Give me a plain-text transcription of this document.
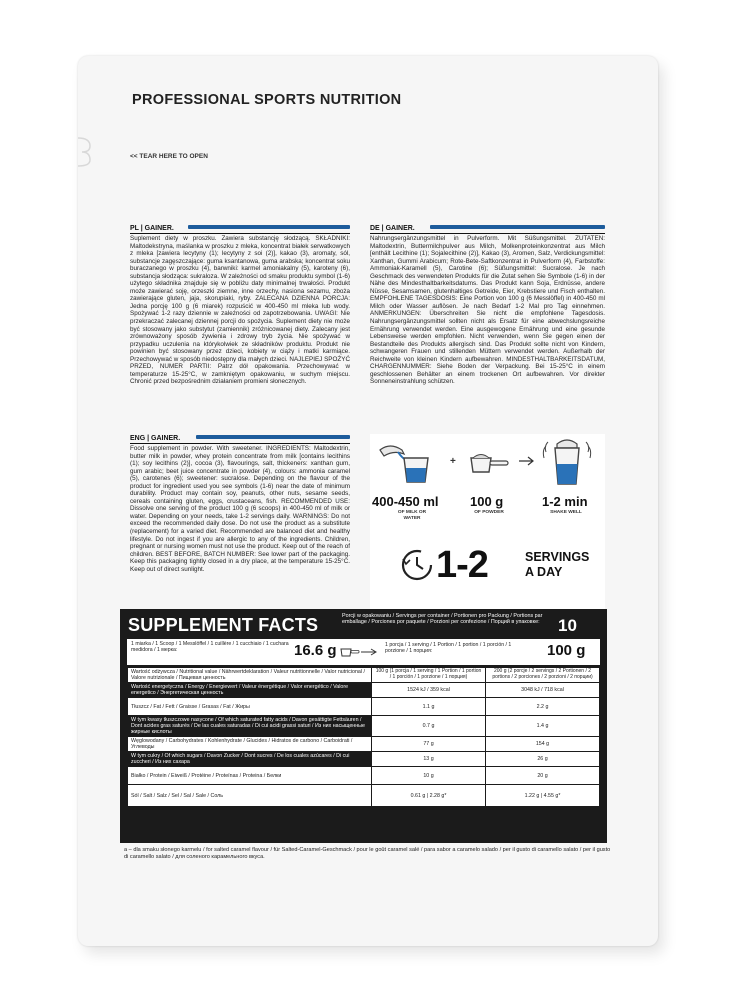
PROFESSIONAL SPORTS NUTRITION
<< TEAR HERE TO OPEN
PL | GAINER.
Suplement diety w proszku. Zawiera substancję słodzącą. SKŁADNIKI: Maltodekstryna, maślanka w proszku z mleka, koncentrat białek serwatkowych z mleka [zawiera lecytyny (1); lecytyny z soi (2)], kakao (3), aromaty, sól, substancje zagęszczające: guma ksantanowa, guma arabska; koncentrat soku buraczanego w proszku (4), barwniki: karmel amoniakalny (5), karoteny (6), substancja słodząca: sukraloza. W zależności od smaku produktu symbol (1-6) użytego składnika znajduje się w pobliżu daty minimalnej trwałości. Produkt może zawierać soję, orzeszki ziemne, inne orzechy, nasiona sezamu, zboża zawierające gluten, jaja, skorupiaki, ryby. ZALECANA DZIENNA PORCJA: Jedna porcję 100 g (6 miarek) rozpuścić w 400-450 ml mleka lub wody. Spożywać 1-2 razy dziennie w zależności od zapotrzebowania. UWAGI: Nie przekraczać zalecanej dziennej porcji do spożycia. Suplement diety nie może być stosowany jako substytut (zamiennik) zróżnicowanej diety. Zalecany jest zrównoważony sposób żywienia i zdrowy tryb życia. Nie spożywać w przypadku uczulenia na którykolwiek ze składników produktu. Produkt nie powinien być stosowany przez dzieci, kobiety w ciąży i matki karmiące. Przechowywać w sposób niedostępny dla małych dzieci. NAJLEPIEJ SPOŻYĆ PRZED, NUMER PARTII: Patrz dół opakowania. Przechowywać w temperaturze 15-25°C, w zamkniętym opakowaniu, w suchym miejscu. Chronić przed bezpośrednim działaniem promieni słonecznych.
DE | GAINER.
Nahrungsergänzungsmittel in Pulverform. Mit Süßungsmittel. ZUTATEN: Maltodextrin, Buttermilchpulver aus Milch, Molkenproteinkonzentrat aus Milch [enthält Lecithine (1); Sojalecithine (2)], Kakao (3), Aromen, Salz, Verdickungsmittel: Xanthan, Gummi Arabicum; Rote-Bete-Saftkonzentrat in Pulverform (4), Farbstoffe: Ammoniak-Karamell (5), Carotine (6); Süßungsmittel: Sucralose. Je nach Geschmack des verwendeten Produkts für die Zutat sehen Sie Symbole (1-6) in der Nähe des Mindesthaltbarkeitsdatums. Das Produkt kann Soja, Erdnüsse, andere Nüsse, Sesamsamen, glutenhaltiges Getreide, Eier, Krebstiere und Fisch enthalten. EMPFOHLENE TAGESDOSIS: Eine Portion von 100 g (6 Messlöffel) in 400-450 ml Milch oder Wasser auflösen. Je nach Bedarf 1-2 Mal pro Tag einnehmen. ANMERKUNGEN: Überschreiten Sie nicht die empfohlene Tagesdosis. Nahrungsergänzungsmittel sollten nicht als Ersatz für eine abwechslungsreiche Ernährung verwendet werden. Eine ausgewogene Ernährung und eine gesunde Lebensweise werden empfohlen. Nicht verwenden, wenn Sie gegen einen der Bestandteile des Produkts allergisch sind. Das Produkt sollte nicht von Kindern, schwangeren Frauen und stillenden Müttern verwendet werden. Außerhalb der Reichweite von kleinen Kindern aufbewahren. MINDESTHALTBARKEITSDATUM, CHARGENNUMMER: Siehe Boden der Verpackung. Bei 15-25°C in einem geschlossenen Behälter an einem trockenen Ort aufbewahren. Vor direkter Sonneneinstrahlung schützen.
ENG | GAINER.
Food supplement in powder. With sweetener. INGREDIENTS: Maltodextrin, butter milk in powder, whey protein concentrate from milk [contains lecithins (1); soy lecithins (2)], cocoa (3), flavourings, salt, thickeners: xanthan gum, gum arabic; beet juice concentrate in powder (4), colours: ammonia caramel (5), carotenes (6); sweetener: sucralose. Depending on the flavour of the product for ingredient used you see symbols (1-6) near the date of minimum durability. Product may contain soy, peanuts, other nuts, sesame seeds, cereals containing gluten, eggs, crustaceans, fish. RECOMMENDED USE: Dissolve one serving of the product 100 g (6 scoops) in 400-450 ml of milk or water. Depending on your needs, take 1-2 servings daily. WARNINGS: Do not exceed the recommended daily dose. Do not use the product as a substitute (replacement) for a varied diet. Recommended are balanced diet and healthy lifestyle. Do not ingest if you are allergic to any of the ingredients. Children, pregnant or nursing women must not use the product. Keep out of the reach of children. BEST BEFORE, BATCH NUMBER: See lower part of the packaging. Keep this packaging tightly closed in a dry place, at the temperature 15-25°C. Keep out of direct sunlight.
+
400-450 ml
OF MILK OR WATER
100 g
OF POWDER
1-2 min
SHAKE WELL
1-2	SERVINGS
A DAY
SUPPLEMENT FACTS	Porcji w opakowaniu / Servings per container / Portionen pro Packung / Portions par emballage / Porciones por paquete / Porzioni per confezione / Порций в упаковке:	10
1 miarka / 1 Scoop / 1 Messlöffel / 1 cuillère / 1 cucchiaio / 1 cuchara medidora / 1 мерка:	16.6 g	1 porcja / 1 serving / 1 Portion / 1 portion / 1 porción / 1 porzione / 1 порция:	100 g
Wartość odżywcza / Nutritional value / Nährwertdeklaration / Valeur nutritionnelle / Valor nutricional / Valore nutrizionale / Пищевая ценность	100 g (1 porcja / 1 serving / 1 Portion / 1 portion / 1 porción / 1 porzione / 1 порция)	200 g (2 porcje / 2 servings / 2 Portionen / 2 portions / 2 porciones / 2 porzioni / 2 порции)
Wartość energetyczna / Energy / Energiewert / Valeur énergétique / Valor energético / Valore energetico / Энергетическая ценность	1524 kJ / 359 kcal	3048 kJ / 718 kcal
Tłuszcz / Fat / Fett / Graisse / Grasas / Fat / Жиры	1.1 g	2.2 g
W tym kwasy tłuszczowe nasycone / Of which saturated fatty acids / Davon gesättigte Fettsäuren / Dont acides gras saturés / De las cuales saturadas / Di cui acidi grassi saturi / Из них насыщенные жирные кислоты	0.7 g	1.4 g
Węglowodany / Carbohydrates / Kohlenhydrate / Glucides / Hidratos de carbono / Carboidrati / Углеводы	77 g	154 g
W tym cukry / Of which sugars / Davon Zucker / Dont sucres / De los cuales azúcares / Di cui zuccheri / Из них сахара	13 g	26 g
Białko / Protein / Eiweiß / Protéine / Proteínas / Proteina / Белки	10 g	20 g
Sól / Salt / Salz / Sel / Sal / Sale / Соль	0.61 g | 2.28 g*	1.22 g | 4.55 g*
a – dla smaku słonego karmelu / for salted caramel flavour / für Salted-Caramel-Geschmack / pour le goût caramel salé / para sabor a caramelo salado / per il gusto di caramello salato / per il gusto di caramello salato / для соленого карамельного вкуса.
